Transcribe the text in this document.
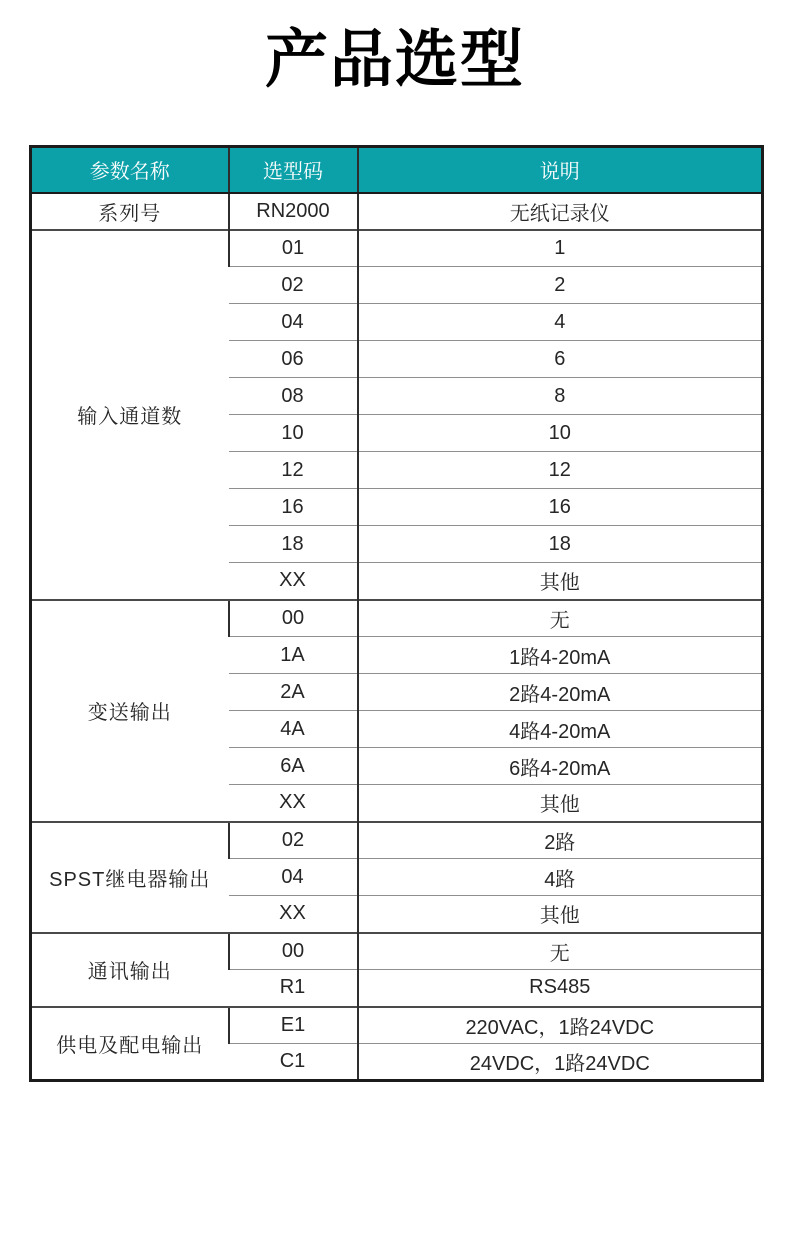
产品选型
参数名称	选型码	说明
系列号	RN2000	无纸记录仪
输入通道数	01	1
	02	2
	04	4
	06	6
	08	8
	10	10
	12	12
	16	16
	18	18
	XX	其他
变送输出	00	无
	1A	1路4-20mA
	2A	2路4-20mA
	4A	4路4-20mA
	6A	6路4-20mA
	XX	其他
SPST继电器输出	02	2路
	04	4路
	XX	其他
通讯输出	00	无
	R1	RS485
供电及配电输出	E1	220VAC，1路24VDC
	C1	24VDC，1路24VDC
